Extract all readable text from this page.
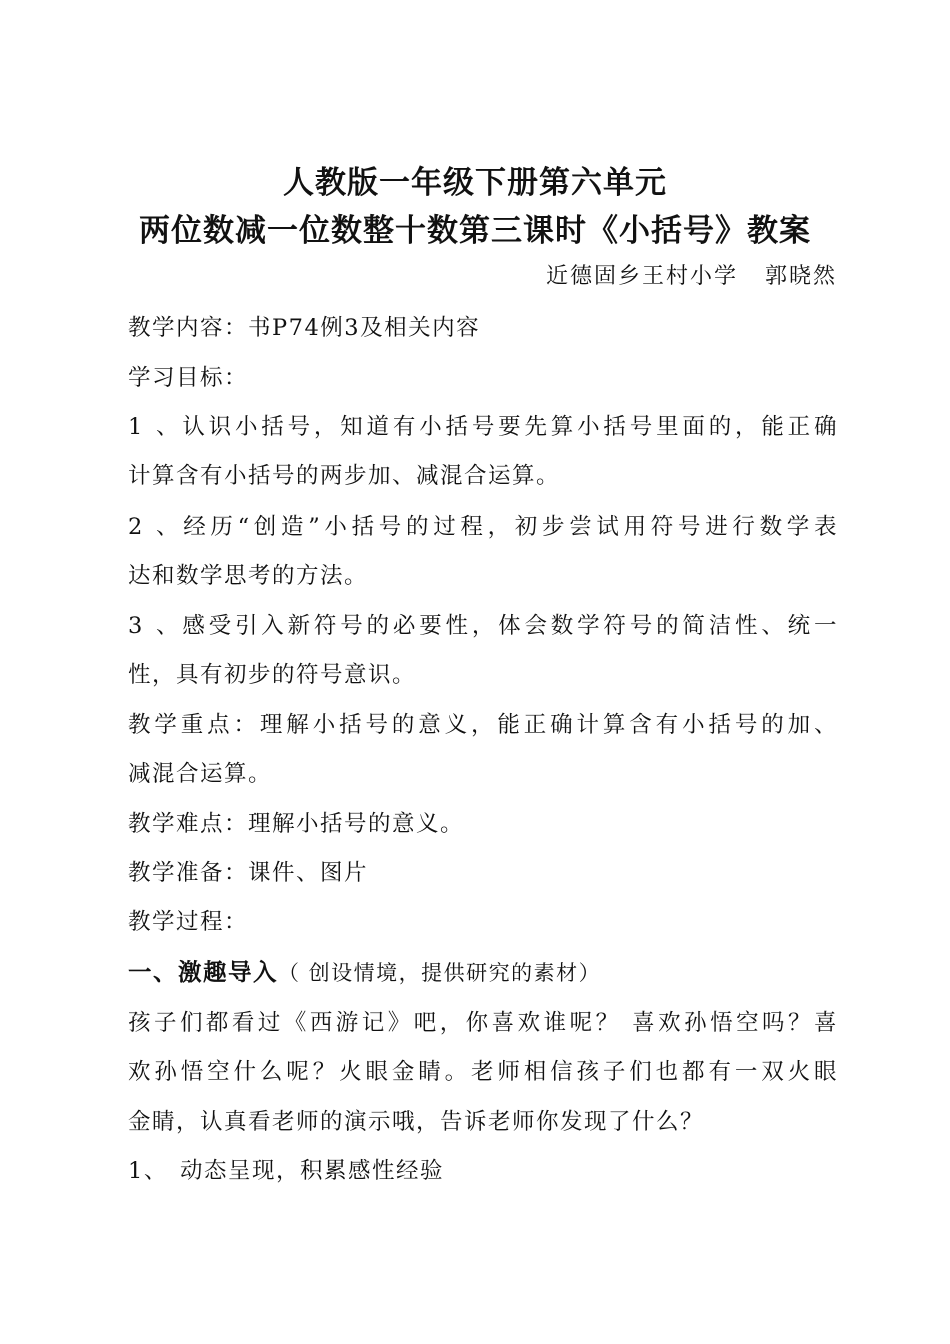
人教版一年级下册第六单元
两位数减一位数整十数第三课时《小括号》教案
近德固乡王村小学   郭晓然
教学内容：书P74例3及相关内容
学习目标：
1、认识小括号，知道有小括号要先算小括号里面的，能正确
计算含有小括号的两步加、减混合运算。
2、经历“创造”小括号的过程，初步尝试用符号进行数学表
达和数学思考的方法。
3、感受引入新符号的必要性，体会数学符号的简洁性、统一
性，具有初步的符号意识。
教学重点：理解小括号的意义，能正确计算含有小括号的加、
减混合运算。
教学难点：理解小括号的意义。
教学准备：课件、图片
教学过程：
一、激趣导入（ 创设情境，提供研究的素材）
孩子们都看过《西游记》吧，你喜欢谁呢？ 喜欢孙悟空吗？喜
欢孙悟空什么呢？火眼金睛。老师相信孩子们也都有一双火眼
金睛，认真看老师的演示哦，告诉老师你发现了什么？
1、 动态呈现，积累感性经验
